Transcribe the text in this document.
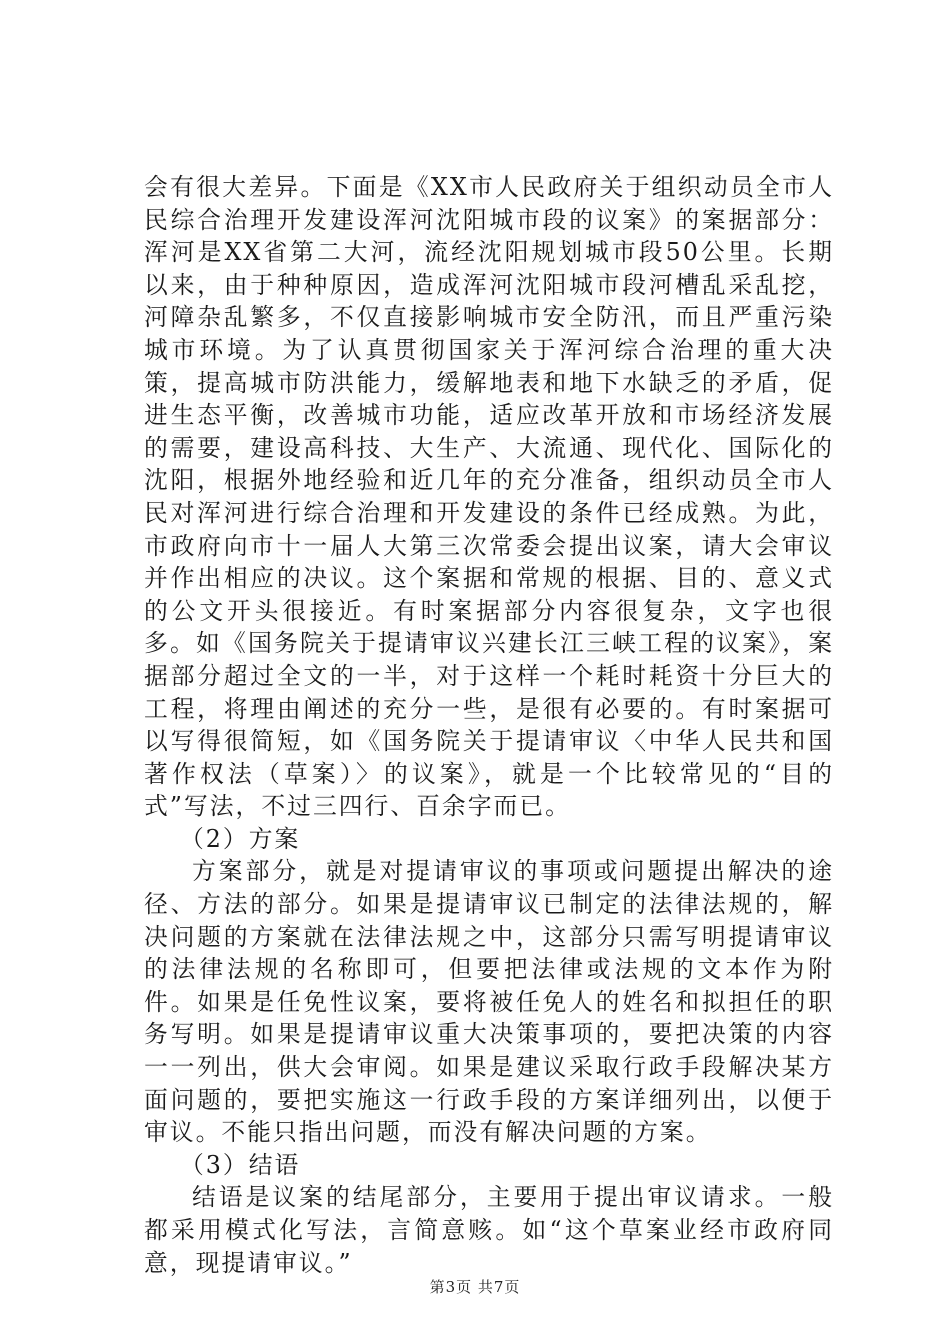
会有很大差异。下面是《XX市人民政府关于组织动员全市人民综合治理开发建设浑河沈阳城市段的议案》的案据部分：浑河是XX省第二大河，流经沈阳规划城市段50公里。长期以来，由于种种原因，造成浑河沈阳城市段河槽乱采乱挖，河障杂乱繁多，不仅直接影响城市安全防汛，而且严重污染城市环境。为了认真贯彻国家关于浑河综合治理的重大决策，提高城市防洪能力，缓解地表和地下水缺乏的矛盾，促进生态平衡，改善城市功能，适应改革开放和市场经济发展的需要，建设高科技、大生产、大流通、现代化、国际化的沈阳，根据外地经验和近几年的充分准备，组织动员全市人民对浑河进行综合治理和开发建设的条件已经成熟。为此，市政府向市十一届人大第三次常委会提出议案，请大会审议并作出相应的决议。这个案据和常规的根据、目的、意义式的公文开头很接近。有时案据部分内容很复杂，文字也很多。如《国务院关于提请审议兴建长江三峡工程的议案》，案据部分超过全文的一半，对于这样一个耗时耗资十分巨大的工程，将理由阐述的充分一些，是很有必要的。有时案据可以写得很简短，如《国务院关于提请审议〈中华人民共和国著作权法（草案）〉的议案》，就是一个比较常见的“目的式”写法，不过三四行、百余字而已。

（2）方案

方案部分，就是对提请审议的事项或问题提出解决的途径、方法的部分。如果是提请审议已制定的法律法规的，解决问题的方案就在法律法规之中，这部分只需写明提请审议的法律法规的名称即可，但要把法律或法规的文本作为附件。如果是任免性议案，要将被任免人的姓名和拟担任的职务写明。如果是提请审议重大决策事项的，要把决策的内容一一列出，供大会审阅。如果是建议采取行政手段解决某方面问题的，要把实施这一行政手段的方案详细列出，以便于审议。不能只指出问题，而没有解决问题的方案。

（3）结语

结语是议案的结尾部分，主要用于提出审议请求。一般都采用模式化写法，言简意赅。如“这个草案业经市政府同意，现提请审议。”

第3页 共7页
